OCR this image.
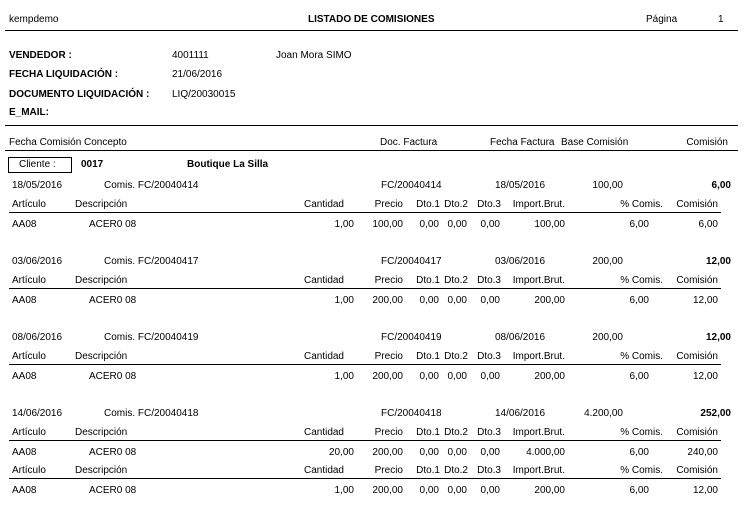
kempdemo	LISTADO DE COMISIONES	Página	1
VENDEDOR :	4001111	Joan Mora SIMO
FECHA LIQUIDACIÓN :	21/06/2016
DOCUMENTO LIQUIDACIÓN : LIQ/20030015
E_MAIL:
Fecha Comisión Concepto	Doc. Factura	Fecha Factura Base Comisión	Comisión
Cliente :	0017	Boutique La Silla
18/05/2016	Comis. FC/20040414	FC/20040414	18/05/2016	100,00	6,00
Artículo	Descripción	Cantidad	Precio Dto.1 Dto.2 Dto.3 Import.Brut.	% Comis. Comisión
AA08	ACER0 08	1,00 100,00 0,00 0,00 0,00	100,00	6,00	6,00
03/06/2016	Comis. FC/20040417	FC/20040417	03/06/2016	200,00	12,00
Artículo	Descripción	Cantidad	Precio Dto.1 Dto.2 Dto.3 Import.Brut.	% Comis. Comisión
AA08	ACER0 08	1,00 200,00 0,00 0,00 0,00	200,00	6,00	12,00
08/06/2016	Comis. FC/20040419	FC/20040419	08/06/2016	200,00	12,00
Artículo	Descripción	Cantidad	Precio Dto.1 Dto.2 Dto.3 Import.Brut.	% Comis. Comisión
AA08	ACER0 08	1,00 200,00 0,00 0,00 0,00	200,00	6,00	12,00
14/06/2016	Comis. FC/20040418	FC/20040418	14/06/2016	4.200,00	252,00
Artículo	Descripción	Cantidad	Precio Dto.1 Dto.2 Dto.3 Import.Brut.	% Comis. Comisión
AA08	ACER0 08	20,00 200,00 0,00 0,00 0,00	4.000,00	6,00	240,00
Artículo	Descripción	Cantidad	Precio Dto.1 Dto.2 Dto.3 Import.Brut.	% Comis. Comisión
AA08	ACER0 08	1,00 200,00 0,00 0,00 0,00	200,00	6,00	12,00
